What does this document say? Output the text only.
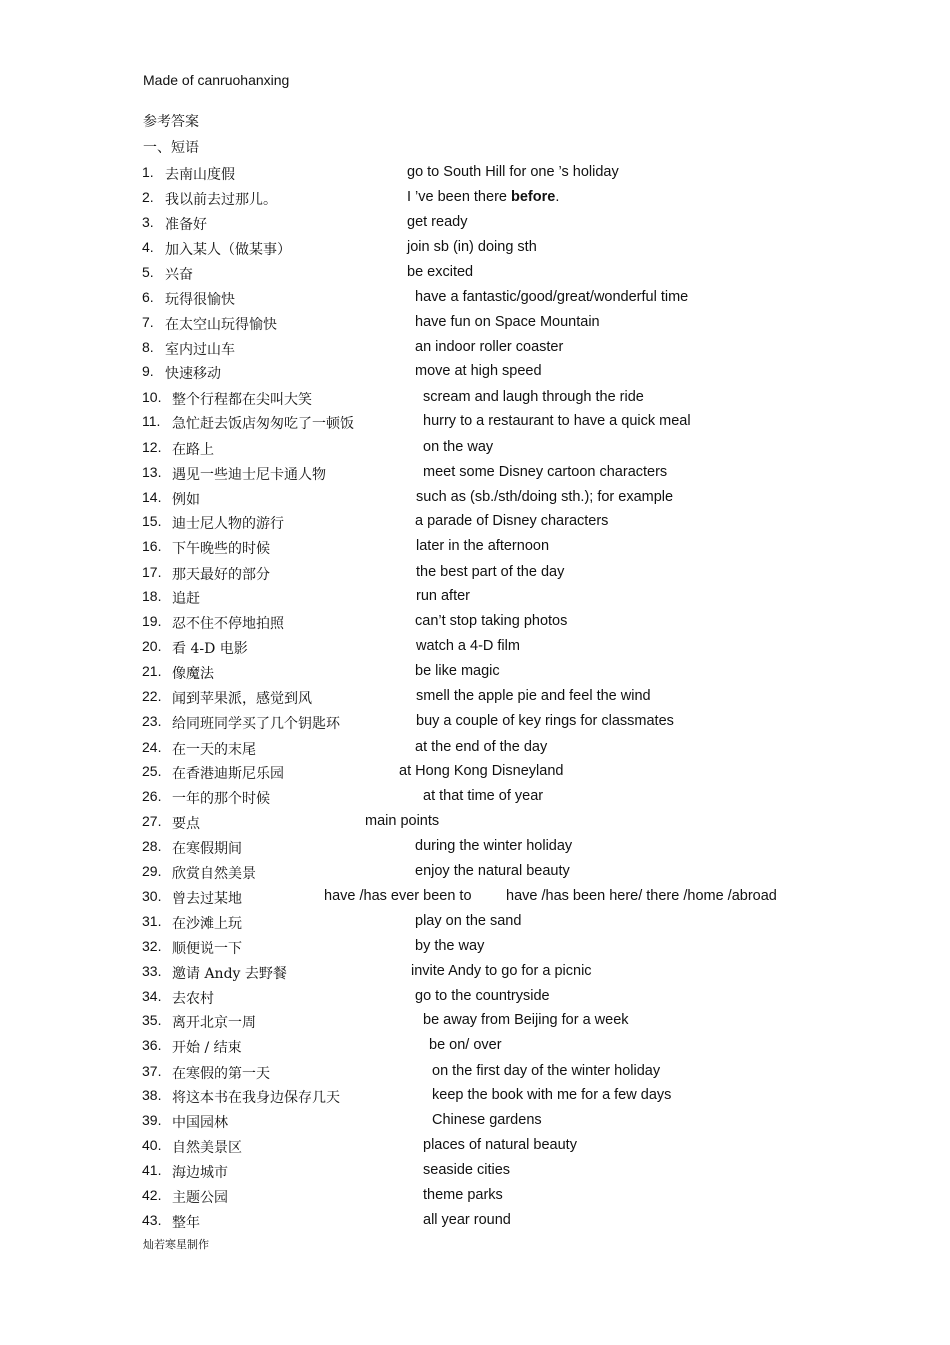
Made of canruohanxing
参考答案
一、短语
1. 去南山度假	go to South Hill for one ’s holiday
2. 我以前去过那儿。	I ’ve been there before.
3. 准备好	get ready
4. 加入某人（做某事）	join sb (in) doing sth
5. 兴奋	be excited
6. 玩得很愉快	have a fantastic/good/great/wonderful time
7. 在太空山玩得愉快	have fun on Space Mountain
8. 室内过山车	an indoor roller coaster
9. 快速移动	move at high speed
10. 整个行程都在尖叫大笑	scream and laugh through the ride
11. 急忙赶去饭店匆匆吃了一顿饭	hurry to a restaurant to have a quick meal
12. 在路上	on the way
13. 遇见一些迪士尼卡通人物	meet some Disney cartoon characters
14. 例如	such as (sb./sth/doing sth.); for example
15. 迪士尼人物的游行	a parade of Disney characters
16. 下午晚些的时候	later in the afternoon
17. 那天最好的部分	the best part of the day
18. 追赶	run after
19. 忍不住不停地拍照	can’t stop taking photos
20. 看 4-D 电影	watch a 4-D film
21. 像魔法	be like magic
22. 闻到苹果派，感觉到风	smell the apple pie and feel the wind
23. 给同班同学买了几个钥匙环	buy a couple of key rings for classmates
24. 在一天的末尾	at the end of the day
25. 在香港迪斯尼乐园	at Hong Kong Disneyland
26. 一年的那个时候	at that time of year
27. 要点	main points
28. 在寒假期间	during the winter holiday
29. 欣赏自然美景	enjoy the natural beauty
30. 曾去过某地	have /has ever been to have /has been here/ there /home /abroad
31. 在沙滩上玩	play on the sand
32. 顺便说一下	by the way
33. 邀请 Andy 去野餐	invite Andy to go for a picnic
34. 去农村	go to the countryside
35. 离开北京一周	be away from Beijing for a week
36. 开始 / 结束	be on/ over
37. 在寒假的第一天	on the first day of the winter holiday
38. 将这本书在我身边保存几天	keep the book with me for a few days
39. 中国园林	Chinese gardens
40. 自然美景区	places of natural beauty
41. 海边城市	seaside cities
42. 主题公园	theme parks
43. 整年	all year round
灿若寒星制作
